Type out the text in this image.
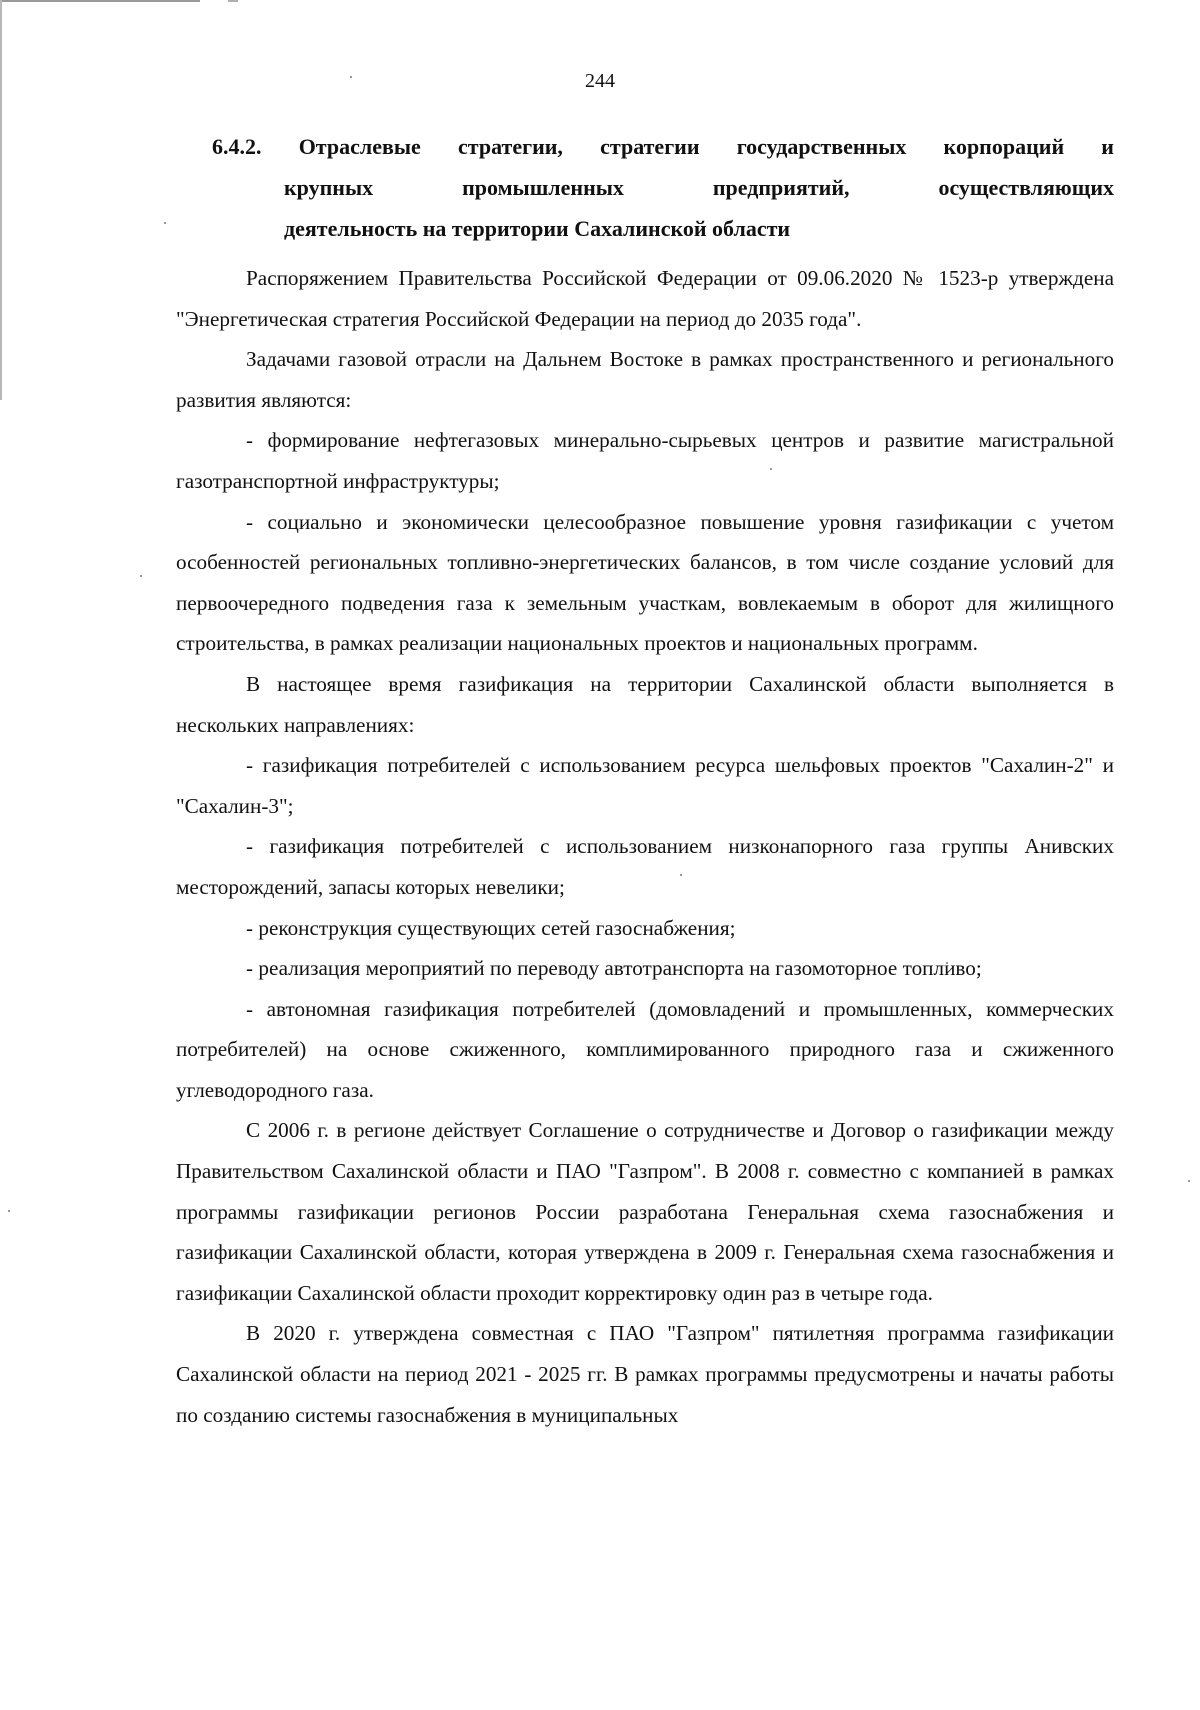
244
6.4.2. Отраслевые стратегии, стратегии государственных корпораций и
крупных промышленных предприятий, осуществляющих
деятельность на территории Сахалинской области

Распоряжением Правительства Российской Федерации от 09.06.2020 № 1523-р утверждена "Энергетическая стратегия Российской Федерации на период до 2035 года".

Задачами газовой отрасли на Дальнем Востоке в рамках пространственного и регионального развития являются:

- формирование нефтегазовых минерально-сырьевых центров и развитие магистральной газотранспортной инфраструктуры;

- социально и экономически целесообразное повышение уровня газификации с учетом особенностей региональных топливно-энергетических балансов, в том числе создание условий для первоочередного подведения газа к земельным участкам, вовлекаемым в оборот для жилищного строительства, в рамках реализации национальных проектов и национальных программ.

В настоящее время газификация на территории Сахалинской области выполняется в нескольких направлениях:

- газификация потребителей с использованием ресурса шельфовых проектов "Сахалин-2" и "Сахалин-3";

- газификация потребителей с использованием низконапорного газа группы Анивских месторождений, запасы которых невелики;

- реконструкция существующих сетей газоснабжения;

- реализация мероприятий по переводу автотранспорта на газомоторное топливо;

- автономная газификация потребителей (домовладений и промышленных, коммерческих потребителей) на основе сжиженного, комплимированного природного газа и сжиженного углеводородного газа.

С 2006 г. в регионе действует Соглашение о сотрудничестве и Договор о газификации между Правительством Сахалинской области и ПАО "Газпром". В 2008 г. совместно с компанией в рамках программы газификации регионов России разработана Генеральная схема газоснабжения и газификации Сахалинской области, которая утверждена в 2009 г. Генеральная схема газоснабжения и газификации Сахалинской области проходит корректировку один раз в четыре года.

В 2020 г. утверждена совместная с ПАО "Газпром" пятилетняя программа газификации Сахалинской области на период 2021 - 2025 гг. В рамках программы предусмотрены и начаты работы по созданию системы газоснабжения в муниципальных
